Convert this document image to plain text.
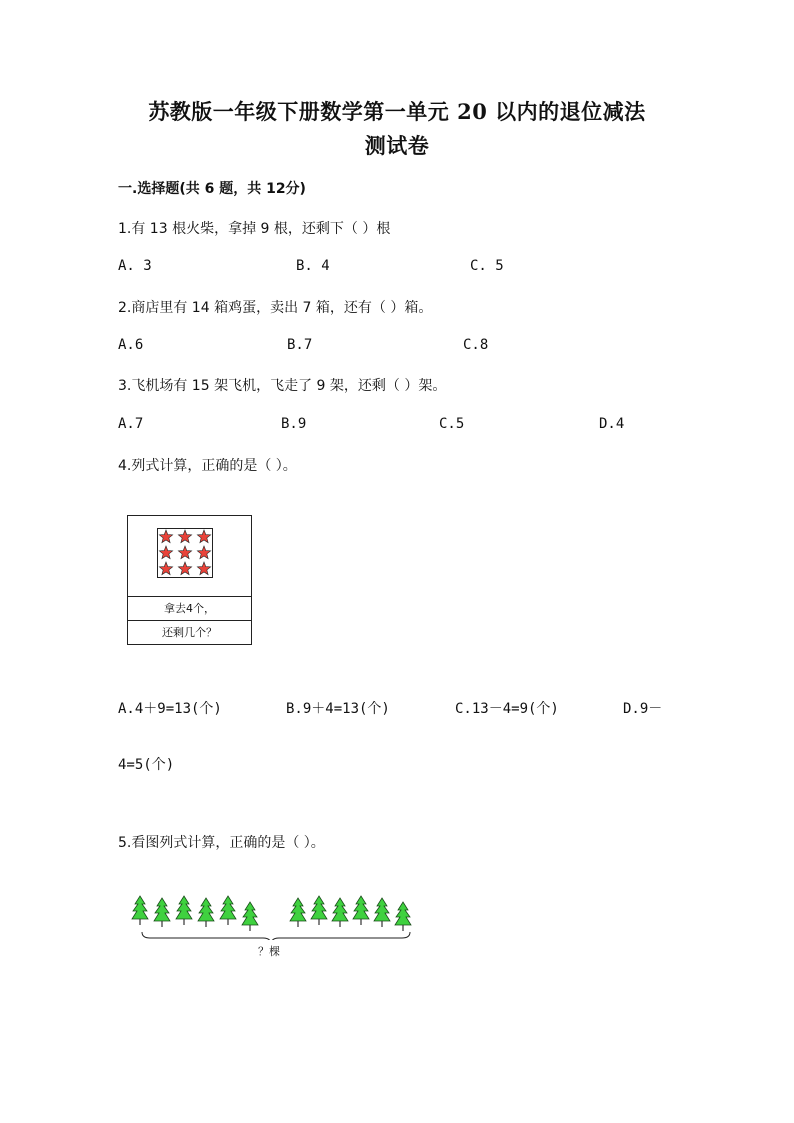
苏教版一年级下册数学第一单元 20 以内的退位减法
测试卷
一.选择题(共 6 题，共 12分)
1.有 13 根火柴，拿掉 9 根，还剩下（ ）根
A. 3	B. 4	C. 5
2.商店里有 14 箱鸡蛋，卖出 7 箱，还有（ ）箱。
A.6	B.7	C.8
3.飞机场有 15 架飞机，飞走了 9 架，还剩（ ）架。
A.7	B.9	C.5	D.4
4.列式计算，正确的是（ ）。
拿去4个，
还剩几个？
A.4＋9=13(个)	B.9＋4=13(个)	C.13－4=9(个)	D.9－
4=5(个)
5.看图列式计算，正确的是（ ）。
？棵
